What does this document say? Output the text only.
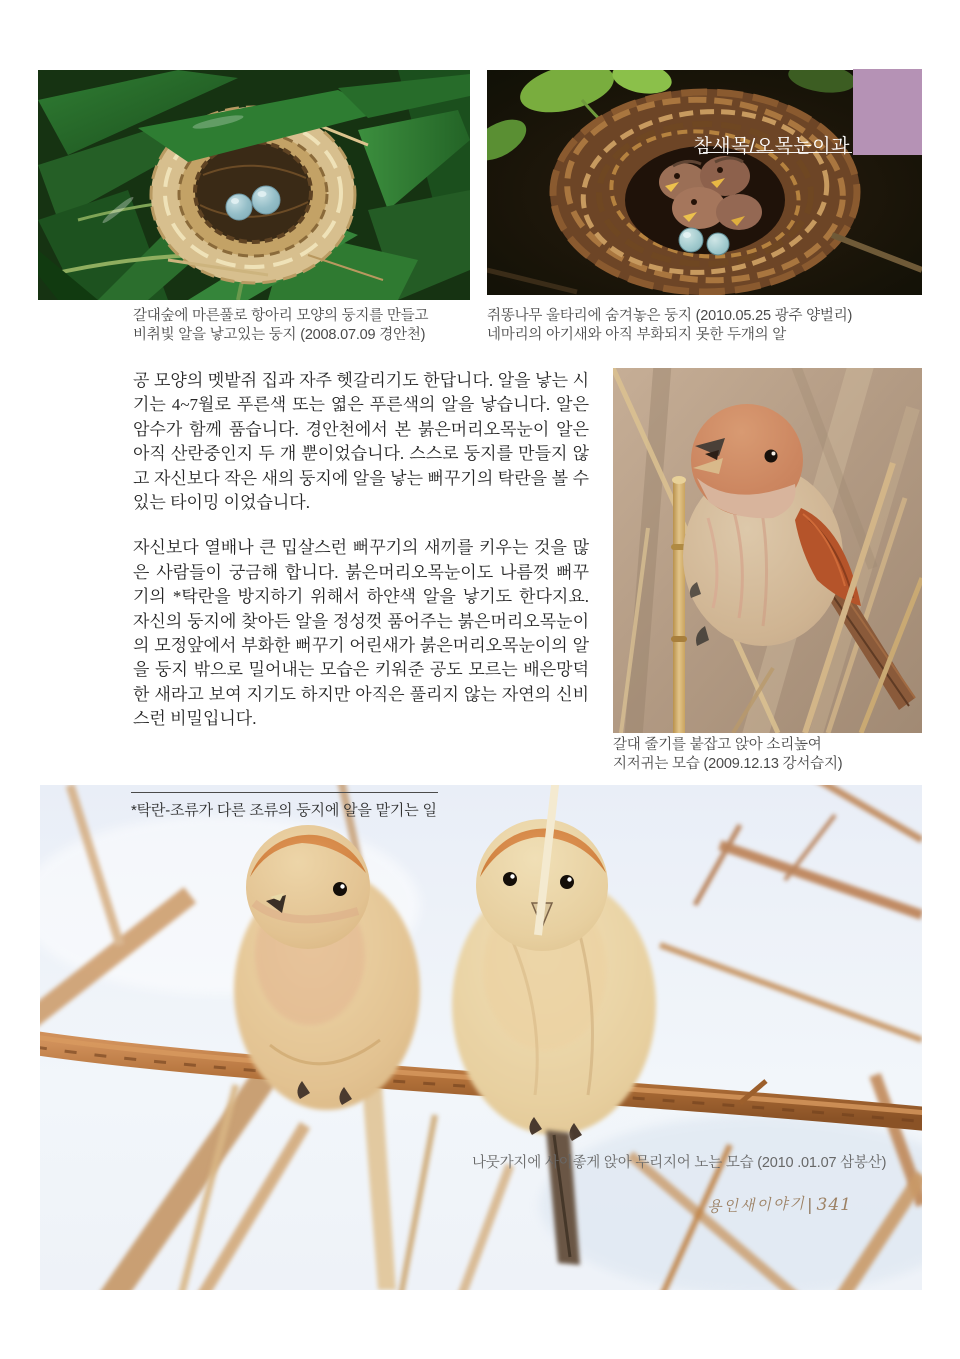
참새목/오목눈이과
갈대숲에 마른풀로 항아리 모양의 둥지를 만들고
비취빛 알을 낳고있는 둥지 (2008.07.09 경안천)
쥐똥나무 울타리에 숨겨놓은 둥지 (2010.05.25 광주 양벌리)
네마리의 아기새와 아직 부화되지 못한 두개의 알

공 모양의 멧밭쥐 집과 자주 헷갈리기도 한답니다. 알을 낳는 시기는 4~7월로 푸른색 또는 엷은 푸른색의 알을 낳습니다. 알은 암수가 함께 품습니다. 경안천에서 본 붉은머리오목눈이 알은 아직 산란중인지 두 개 뿐이었습니다. 스스로 둥지를 만들지 않고 자신보다 작은 새의 둥지에 알을 낳는 뻐꾸기의 탁란을 볼 수 있는 타이밍 이었습니다.

자신보다 열배나 큰 밉살스런 뻐꾸기의 새끼를 키우는 것을 많은 사람들이 궁금해 합니다. 붉은머리오목눈이도 나름껏 뻐꾸기의 *탁란을 방지하기 위해서 하얀색 알을 낳기도 한다지요. 자신의 둥지에 찾아든 알을 정성껏 품어주는 붉은머리오목눈이의 모정앞에서 부화한 뻐꾸기 어린새가 붉은머리오목눈이의 알을 둥지 밖으로 밀어내는 모습은 키워준 공도 모르는 배은망덕한 새라고 보여 지기도 하지만 아직은 풀리지 않는 자연의 신비스런 비밀입니다.

갈대 줄기를 붙잡고 앉아 소리높여
지저귀는 모습 (2009.12.13 강서습지)
*탁란-조류가 다른 조류의 둥지에 알을 맡기는 일
나뭇가지에 사이좋게 앉아 무리지어 노는 모습 (2010 .01.07 삼봉산)
용인새이야기| 341
